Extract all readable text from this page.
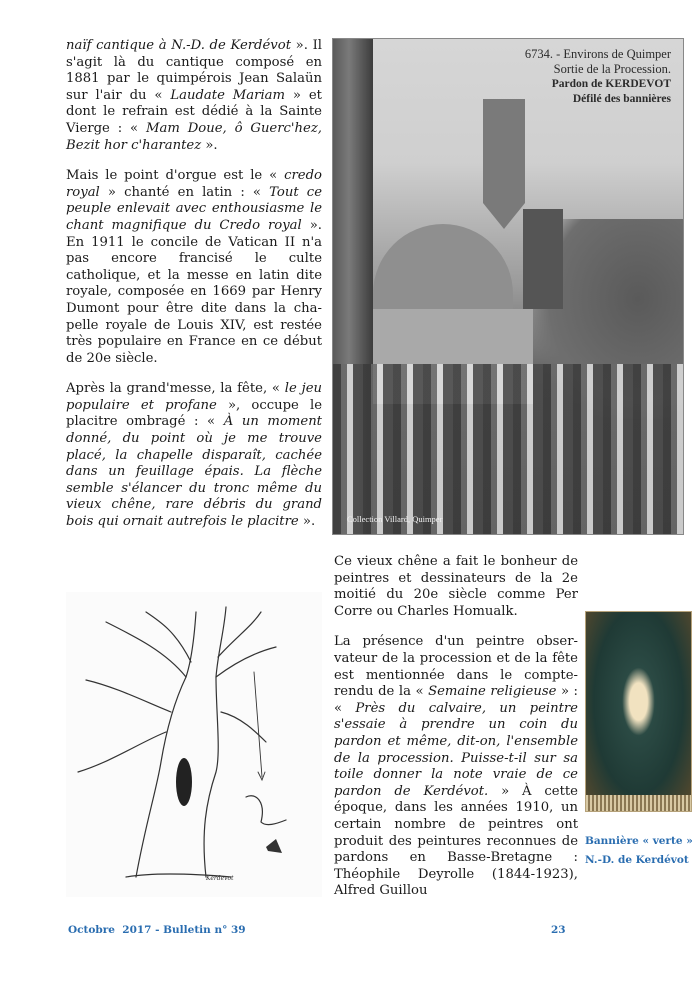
naïf cantique à N.-D. de Kerdévot ». Il s'agit là du cantique composé en 1881 par le quimpérois Jean Salaün sur l'air du « Laudate Mariam » et dont le refrain est dédié à la Sainte Vierge : « Mam Doue, ô Guerc'hez, Bezit hor c'harantez ».

Mais le point d'orgue est le « credo royal » chanté en latin : « Tout ce peuple enlevait avec enthousiasme le chant magnifique du Credo royal ». En 1911 le concile de Vatican II n'a pas encore francisé le culte catholique, et la messe en latin dite royale, composée en 1669 par Henry Dumont pour être dite dans la chapelle royale de Louis XIV, est restée très populaire en France en ce début de 20e siècle.

Après la grand'messe, la fête, « le jeu populaire et profane », occupe le placitre ombragé : « À un moment donné, du point où je me trouve placé, la chapelle disparaît, cachée dans un feuillage épais. La flèche semble s'élancer du tronc même du vieux chêne, rare débris du grand bois qui ornait autrefois le placitre ».

Ce vieux chêne a fait le bonheur de peintres et dessinateurs de la 2e moitié du 20e siècle comme Per Corre ou Charles Homualk.

La présence d'un peintre observateur de la procession et de la fête est mentionnée dans le compte-rendu de la « Semaine religieuse » : « Près du calvaire, un peintre s'essaie à prendre un coin du pardon et même, dit-on, l'ensemble de la procession. Puisse-t-il sur sa toile donner la note vraie de ce pardon de Kerdévot. » À cette époque, dans les années 1910, un certain nombre de peintres ont produit des peintures reconnues de pardons en Basse-Bretagne : Théophile Deyrolle (1844-1923), Alfred Guillou

6734. - Environs de Quimper
Sortie de la Procession.
Pardon de KERDEVOT
Défilé des bannières
Collection Villard, Quimper
Kerdevot
Bannière « verte »
N.-D. de Kerdévot
Octobre  2017 - Bulletin n° 39	23
